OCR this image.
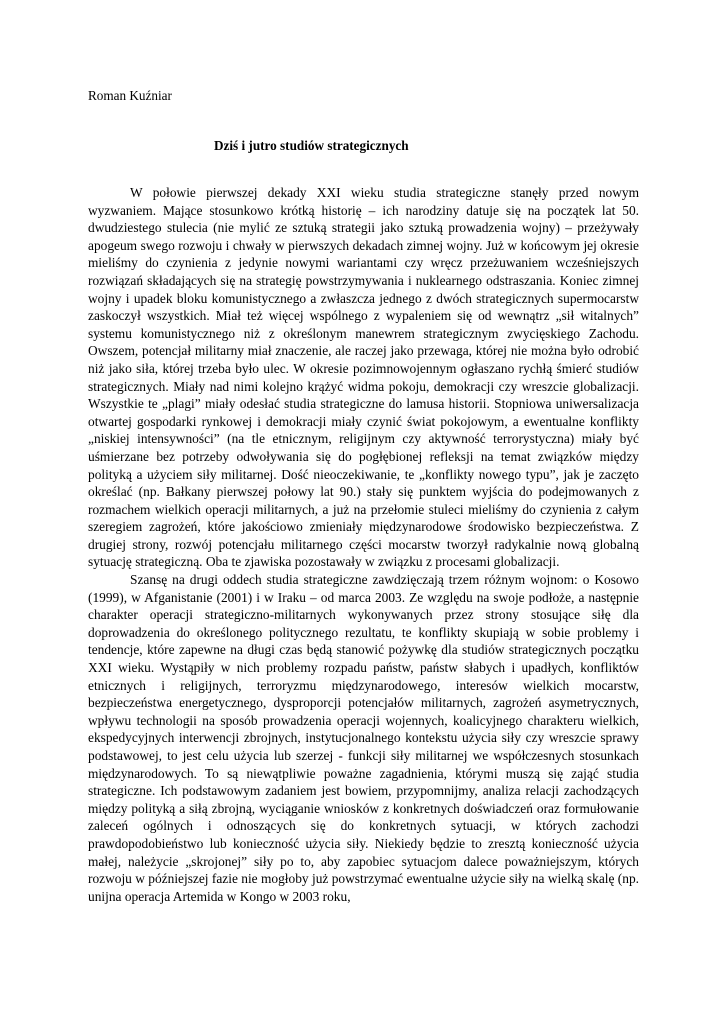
Roman Kuźniar

Dziś i jutro studiów strategicznych

W połowie pierwszej dekady XXI wieku studia strategiczne stanęły przed nowym wyzwaniem. Mające stosunkowo krótką historię – ich narodziny datuje się na początek lat 50. dwudziestego stulecia (nie mylić ze sztuką strategii jako sztuką prowadzenia wojny) – przeżywały apogeum swego rozwoju i chwały w pierwszych dekadach zimnej wojny. Już w końcowym jej okresie mieliśmy do czynienia z jedynie nowymi wariantami czy wręcz przeżuwaniem wcześniejszych rozwiązań składających się na strategię powstrzymywania i nuklearnego odstraszania. Koniec zimnej wojny i upadek bloku komunistycznego a zwłaszcza jednego z dwóch strategicznych supermocarstw zaskoczył wszystkich. Miał też więcej wspólnego z wypaleniem się od wewnątrz „sił witalnych” systemu komunistycznego niż z określonym manewrem strategicznym zwycięskiego Zachodu. Owszem, potencjał militarny miał znaczenie, ale raczej jako przewaga, której nie można było odrobić niż jako siła, której trzeba było ulec. W okresie pozimnowojennym ogłaszano rychłą śmierć studiów strategicznych. Miały nad nimi kolejno krążyć widma pokoju, demokracji czy wreszcie globalizacji. Wszystkie te „plagi” miały odesłać studia strategiczne do lamusa historii. Stopniowa uniwersalizacja otwartej gospodarki rynkowej i demokracji miały czynić świat pokojowym, a ewentualne konflikty „niskiej intensywności” (na tle etnicznym, religijnym czy aktywność terrorystyczna) miały być uśmierzane bez potrzeby odwoływania się do pogłębionej refleksji na temat związków między polityką a użyciem siły militarnej. Dość nieoczekiwanie, te „konflikty nowego typu”, jak je zaczęto określać (np. Bałkany pierwszej połowy lat 90.) stały się punktem wyjścia do podejmowanych z rozmachem wielkich operacji militarnych, a już na przełomie stuleci mieliśmy do czynienia z całym szeregiem zagrożeń, które jakościowo zmieniały międzynarodowe środowisko bezpieczeństwa. Z drugiej strony, rozwój potencjału militarnego części mocarstw tworzył radykalnie nową globalną sytuację strategiczną. Oba te zjawiska pozostawały w związku z procesami globalizacji.

Szansę na drugi oddech studia strategiczne zawdzięczają trzem różnym wojnom: o Kosowo (1999), w Afganistanie (2001) i w Iraku – od marca 2003. Ze względu na swoje podłoże, a następnie charakter operacji strategiczno-militarnych wykonywanych przez strony stosujące siłę dla doprowadzenia do określonego politycznego rezultatu, te konflikty skupiają w sobie problemy i tendencje, które zapewne na długi czas będą stanowić pożywkę dla studiów strategicznych początku XXI wieku. Wystąpiły w nich problemy rozpadu państw, państw słabych i upadłych, konfliktów etnicznych i religijnych, terroryzmu międzynarodowego, interesów wielkich mocarstw, bezpieczeństwa energetycznego, dysproporcji potencjałów militarnych, zagrożeń asymetrycznych, wpływu technologii na sposób prowadzenia operacji wojennych, koalicyjnego charakteru wielkich, ekspedycyjnych interwencji zbrojnych, instytucjonalnego kontekstu użycia siły czy wreszcie sprawy podstawowej, to jest celu użycia lub szerzej - funkcji siły militarnej we współczesnych stosunkach międzynarodowych. To są niewątpliwie poważne zagadnienia, którymi muszą się zająć studia strategiczne. Ich podstawowym zadaniem jest bowiem, przypomnijmy, analiza relacji zachodzących między polityką a siłą zbrojną, wyciąganie wniosków z konkretnych doświadczeń oraz formułowanie zaleceń ogólnych i odnoszących się do konkretnych sytuacji, w których zachodzi prawdopodobieństwo lub konieczność użycia siły. Niekiedy będzie to zresztą konieczność użycia małej, należycie „skrojonej” siły po to, aby zapobiec sytuacjom dalece poważniejszym, których rozwoju w późniejszej fazie nie mogłoby już powstrzymać ewentualne użycie siły na wielką skalę (np. unijna operacja Artemida w Kongo w 2003 roku,
